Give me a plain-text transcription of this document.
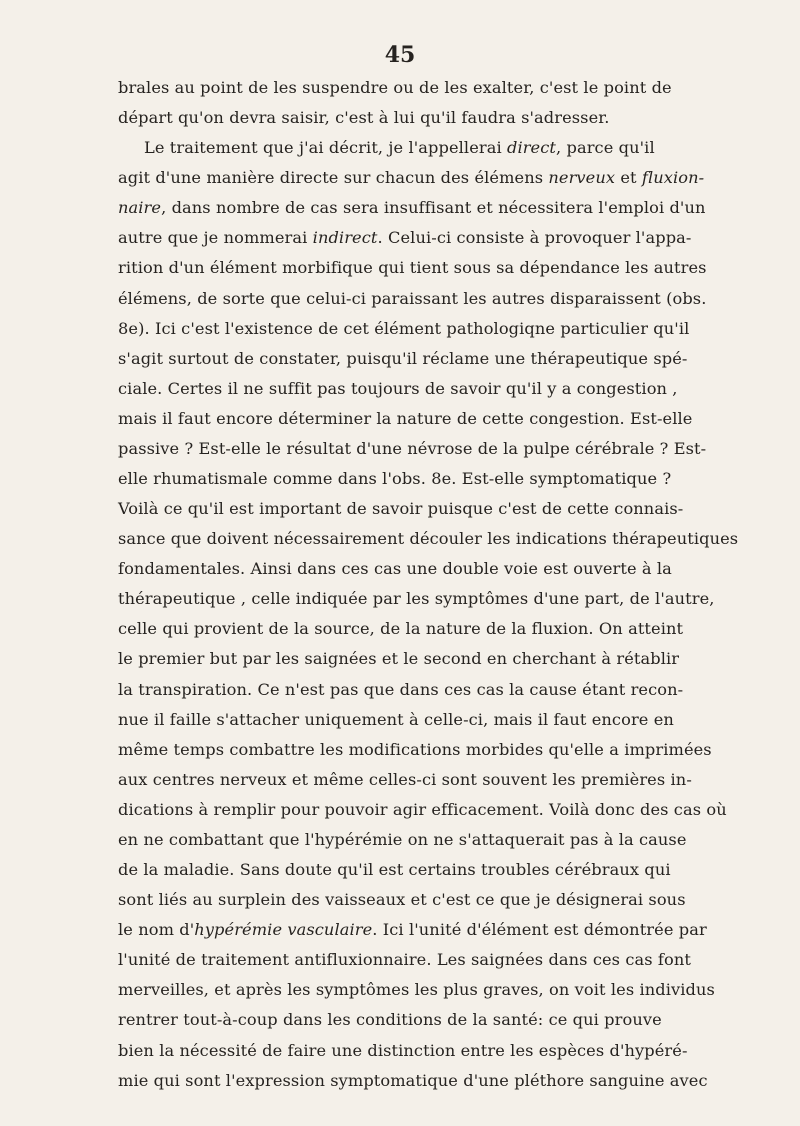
45
brales au point de les suspendre ou de les exalter, c'est le point de
départ qu'on devra saisir, c'est à lui qu'il faudra s'adresser.
Le traitement que j'ai décrit, je l'appellerai direct, parce qu'il
agit d'une manière directe sur chacun des élémens nerveux et fluxion-
naire, dans nombre de cas sera insuffisant et nécessitera l'emploi d'un
autre que je nommerai indirect. Celui-ci consiste à provoquer l'appa-
rition d'un élément morbifique qui tient sous sa dépendance les autres
élémens, de sorte que celui-ci paraissant les autres disparaissent (obs.
8e). Ici c'est l'existence de cet élément pathologiqne particulier qu'il
s'agit surtout de constater, puisqu'il réclame une thérapeutique spé-
ciale. Certes il ne suffit pas toujours de savoir qu'il y a congestion ,
mais il faut encore déterminer la nature de cette congestion. Est-elle
passive ? Est-elle le résultat d'une névrose de la pulpe cérébrale ? Est-
elle rhumatismale comme dans l'obs. 8e. Est-elle symptomatique ?
Voilà ce qu'il est important de savoir puisque c'est de cette connais-
sance que doivent nécessairement découler les indications thérapeutiques
fondamentales. Ainsi dans ces cas une double voie est ouverte à la
thérapeutique , celle indiquée par les symptômes d'une part, de l'autre,
celle qui provient de la source, de la nature de la fluxion. On atteint
le premier but par les saignées et le second en cherchant à rétablir
la transpiration. Ce n'est pas que dans ces cas la cause étant recon-
nue il faille s'attacher uniquement à celle-ci, mais il faut encore en
même temps combattre les modifications morbides qu'elle a imprimées
aux centres nerveux et même celles-ci sont souvent les premières in-
dications à remplir pour pouvoir agir efficacement. Voilà donc des cas où
en ne combattant que l'hypérémie on ne s'attaquerait pas à la cause
de la maladie. Sans doute qu'il est certains troubles cérébraux qui
sont liés au surplein des vaisseaux et c'est ce que je désignerai sous
le nom d'hypérémie vasculaire. Ici l'unité d'élément est démontrée par
l'unité de traitement antifluxionnaire. Les saignées dans ces cas font
merveilles, et après les symptômes les plus graves, on voit les individus
rentrer tout-à-coup dans les conditions de la santé: ce qui prouve
bien la nécessité de faire une distinction entre les espèces d'hypéré-
mie qui sont l'expression symptomatique d'une pléthore sanguine avec
